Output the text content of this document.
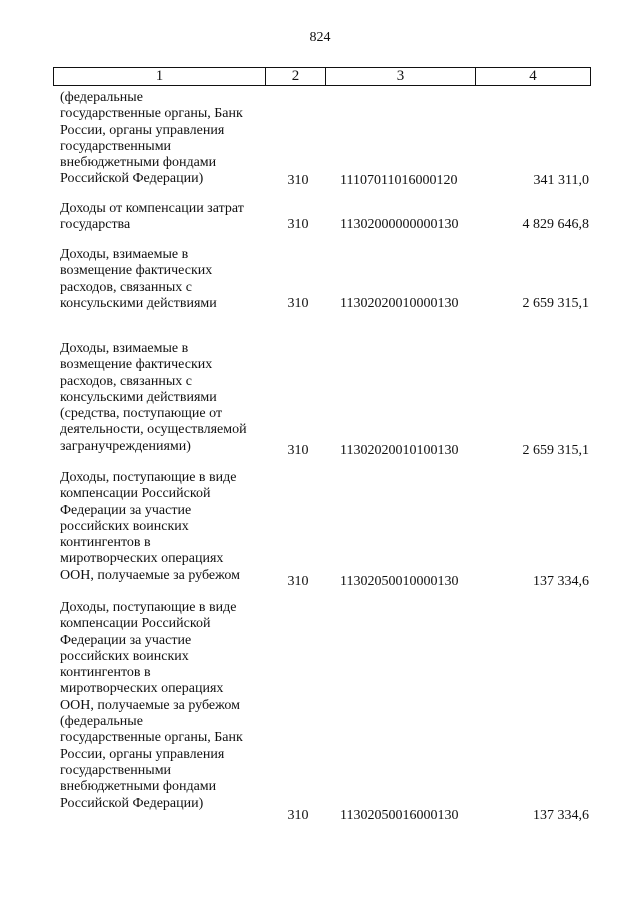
824
1	2	3	4
(федеральные
государственные органы, Банк
России, органы управления
государственными
внебюджетными фондами
Российской Федерации)	310	11107011016000120	341 311,0
Доходы от компенсации затрат
государства	310	11302000000000130	4 829 646,8
Доходы, взимаемые в
возмещение фактических
расходов, связанных с
консульскими действиями	310	11302020010000130	2 659 315,1
Доходы, взимаемые в
возмещение фактических
расходов, связанных с
консульскими действиями
(средства, поступающие от
деятельности, осуществляемой
загранучреждениями)	310	11302020010100130	2 659 315,1
Доходы, поступающие в виде
компенсации Российской
Федерации за участие
российских воинских
контингентов в
миротворческих операциях
ООН, получаемые за рубежом	310	11302050010000130	137 334,6
Доходы, поступающие в виде
компенсации Российской
Федерации за участие
российских воинских
контингентов в
миротворческих операциях
ООН, получаемые за рубежом
(федеральные
государственные органы, Банк
России, органы управления
государственными
внебюджетными фондами
Российской Федерации)
310	11302050016000130	137 334,6
